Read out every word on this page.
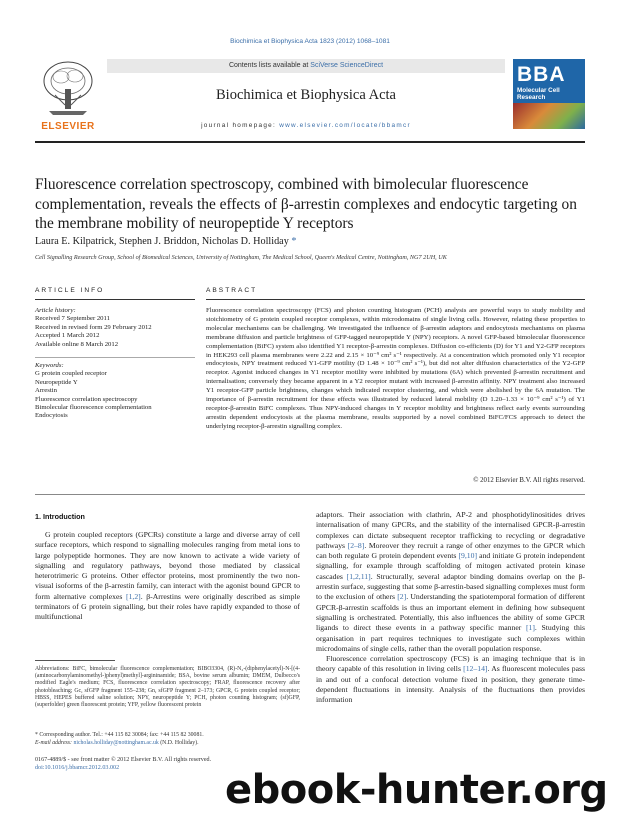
Biochimica et Biophysica Acta 1823 (2012) 1068–1081
ELSEVIER
Contents lists available at SciVerse ScienceDirect
Biochimica et Biophysica Acta
journal homepage: www.elsevier.com/locate/bbamcr
BBA
Molecular Cell Research
Fluorescence correlation spectroscopy, combined with bimolecular fluorescence complementation, reveals the effects of β-arrestin complexes and endocytic targeting on the membrane mobility of neuropeptide Y receptors
Laura E. Kilpatrick, Stephen J. Briddon, Nicholas D. Holliday *
Cell Signalling Research Group, School of Biomedical Sciences, University of Nottingham, The Medical School, Queen's Medical Centre, Nottingham, NG7 2UH, UK
ARTICLE INFO	ABSTRACT
Article history:
Received 7 September 2011
Received in revised form 29 February 2012
Accepted 1 March 2012
Available online 8 March 2012
Keywords:
G protein coupled receptor
Neuropeptide Y
Arrestin
Fluorescence correlation spectroscopy
Bimolecular fluorescence complementation
Endocytosis
Fluorescence correlation spectroscopy (FCS) and photon counting histogram (PCH) analysis are powerful ways to study mobility and stoichiometry of G protein coupled receptor complexes, within microdomains of single living cells. However, relating these properties to molecular mechanisms can be challenging. We investigated the influence of β-arrestin adaptors and endocytosis mechanisms on plasma membrane diffusion and particle brightness of GFP-tagged neuropeptide Y (NPY) receptors. A novel GFP-based bimolecular fluorescence complementation (BiFC) system also identified Y1 receptor-β-arrestin complexes. Diffusion co-efficients (D) for Y1 and Y2-GFP receptors in HEK293 cell plasma membranes were 2.22 and 2.15 × 10⁻⁹ cm² s⁻¹ respectively. At a concentration which promoted only Y1 receptor endocytosis, NPY treatment reduced Y1-GFP motility (D 1.48 × 10⁻⁹ cm² s⁻¹), but did not alter diffusion characteristics of the Y2-GFP receptor. Agonist induced changes in Y1 receptor motility were inhibited by mutations (6A) which prevented β-arrestin recruitment and internalisation; conversely they became apparent in a Y2 receptor mutant with increased β-arrestin affinity. NPY treatment also increased Y1 receptor-GFP particle brightness, changes which indicated receptor clustering, and which were abolished by the 6A mutation. The importance of β-arrestin recruitment for these effects was illustrated by reduced lateral mobility (D 1.20–1.33 × 10⁻⁹ cm² s⁻¹) of Y1 receptor-β-arrestin BiFC complexes. Thus NPY-induced changes in Y receptor mobility and brightness reflect early events surrounding arrestin dependent endocytosis at the plasma membrane, results supported by a novel combined BiFC/FCS approach to detect the underlying receptor-β-arrestin signalling complex.
© 2012 Elsevier B.V. All rights reserved.
1. Introduction

G protein coupled receptors (GPCRs) constitute a large and diverse array of cell surface receptors, which respond to signalling molecules ranging from metal ions to large polypeptide hormones. They are now known to activate a wide variety of signalling and regulatory pathways, beyond those mediated by classical heterotrimeric G proteins. Other effector proteins, most prominently the two non-visual isoforms of the β-arrestin family, can interact with the agonist bound GPCR to form alternative complexes [1,2]. β-Arrestins were originally described as simple terminators of G protein signalling, but their roles have rapidly expanded to those of multifunctional

adaptors. Their association with clathrin, AP-2 and phosphotidylinositides drives internalisation of many GPCRs, and the stability of the internalised GPCR-β-arrestin complexes can dictate subsequent receptor trafficking to recycling or degradative pathways [2–8]. Moreover they recruit a range of other enzymes to the GPCR which can both regulate G protein dependent events [9,10] and initiate G protein independent signalling, for example through scaffolding of mitogen activated protein kinase cascades [1,2,11]. Structurally, several adaptor binding domains overlap on the β-arrestin surface, suggesting that some β-arrestin-based signalling complexes must form to the exclusion of others [2]. Understanding the spatiotemporal formation of different GPCR-β-arrestin scaffolds is thus an important element in defining how subsequent signalling is orchestrated. Potentially, this also influences the ability of some GPCR ligands to direct these events in a pathway specific manner [1]. Studying this organisation in part requires techniques to investigate such complexes within microdomains of single cells, rather than the overall population response.

Fluorescence correlation spectroscopy (FCS) is an imaging technique that is in theory capable of this resolution in living cells [12–14]. As fluorescent molecules pass in and out of a confocal detection volume fixed in position, they generate time-dependent fluctuations in intensity. Analysis of the fluctuations then provides information

Abbreviations: BiFC, bimolecular fluorescence complementation; BIBO3304, (R)-N₂-(diphenylacetyl)-N-[(4-(aminocarbonylaminomethyl-)phenyl)methyl]-argininamide; BSA, bovine serum albumin; DMEM, Dulbecco's modified Eagle's medium; FCS, fluorescence correlation spectroscopy; FRAP, fluorescence recovery after photobleaching; Gc, sfGFP fragment 155–238; Gn, sfGFP fragment 2–173; GPCR, G protein coupled receptor; HBSS, HEPES buffered saline solution; NPY, neuropeptide Y; PCH, photon counting histogram; (sf)GFP, (superfolder) green fluorescent protein; YFP, yellow fluorescent protein
* Corresponding author. Tel.: +44 115 82 30084; fax: +44 115 82 30081.
E-mail address: nicholas.holliday@nottingham.ac.uk (N.D. Holliday).
0167-4889/$ - see front matter © 2012 Elsevier B.V. All rights reserved.
doi:10.1016/j.bbamcr.2012.03.002	ebook-hunter.org
